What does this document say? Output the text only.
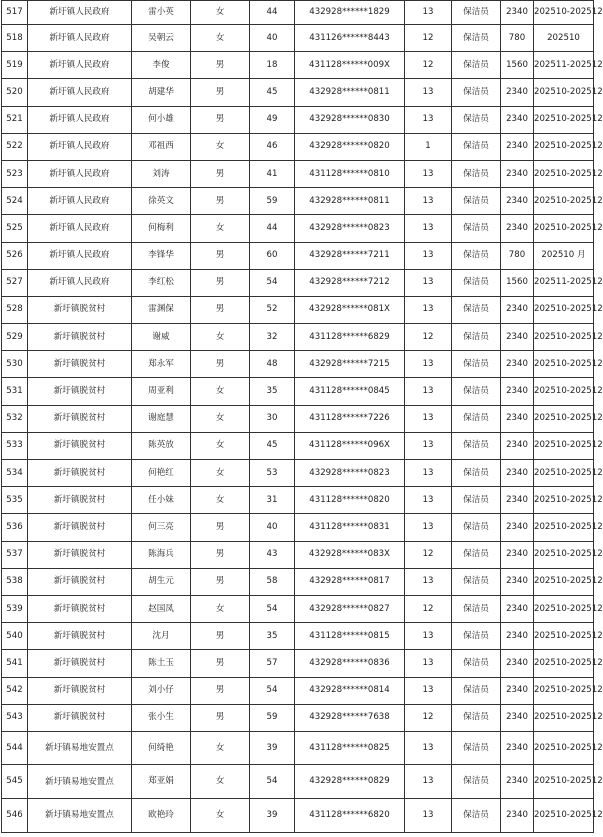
517	新圩镇人民政府	雷小英	女	44	432928******1829	13	保洁员	2340	202510-202512
518	新圩镇人民政府	吴朝云	女	40	431126******8443	12	保洁员	780	202510
519	新圩镇人民政府	李俊	男	18	431128******009X	12	保洁员	1560	202511-202512
520	新圩镇人民政府	胡建华	男	45	432928******0811	13	保洁员	2340	202510-202512
521	新圩镇人民政府	何小雄	男	49	432928******0830	13	保洁员	2340	202510-202512
522	新圩镇人民政府	邓祖西	女	46	432928******0820	1	保洁员	2340	202510-202512
523	新圩镇人民政府	刘涛	男	41	431128******0810	13	保洁员	2340	202510-202512
524	新圩镇人民政府	徐英文	男	59	432928******0811	13	保洁员	2340	202510-202512
525	新圩镇人民政府	何梅利	女	44	432928******0823	13	保洁员	2340	202510-202512
526	新圩镇人民政府	李锋华	男	60	432928******7211	13	保洁员	780	202510 月
527	新圩镇人民政府	李红松	男	54	432928******7212	13	保洁员	1560	202511-202512
528	新圩镇脱贫村	雷渊保	男	52	432928******081X	13	保洁员	2340	202510-202512
529	新圩镇脱贫村	谢威	女	32	431128******6829	12	保洁员	2340	202510-202512
530	新圩镇脱贫村	郑永军	男	48	432928******7215	13	保洁员	2340	202510-202512
531	新圩镇脱贫村	周亚利	女	35	431128******0845	13	保洁员	2340	202510-202512
532	新圩镇脱贫村	谢庭慧	女	30	431128******7226	13	保洁员	2340	202510-202512
533	新圩镇脱贫村	陈英放	女	45	431128******096X	13	保洁员	2340	202510-202512
534	新圩镇脱贫村	何艳红	女	53	432928******0823	13	保洁员	2340	202510-202512
535	新圩镇脱贫村	任小妹	女	31	431128******0820	13	保洁员	2340	202510-202512
536	新圩镇脱贫村	何三亮	男	40	431128******0831	13	保洁员	2340	202510-202512
537	新圩镇脱贫村	陈海兵	男	43	432928******083X	12	保洁员	2340	202510-202512
538	新圩镇脱贫村	胡生元	男	58	432928******0817	13	保洁员	2340	202510-202512
539	新圩镇脱贫村	赵国凤	女	54	432928******0827	12	保洁员	2340	202510-202512
540	新圩镇脱贫村	沈月	男	35	431128******0815	13	保洁员	2340	202510-202512
541	新圩镇脱贫村	陈土玉	男	57	432928******0836	13	保洁员	2340	202510-202512
542	新圩镇脱贫村	刘小仔	男	54	432928******0814	13	保洁员	2340	202510-202512
543	新圩镇脱贫村	张小生	男	59	432928******7638	12	保洁员	2340	202510-202512
544	新圩镇易地安置点	何绮艳	女	39	431128******0825	13	保洁员	2340	202510-202512
545	新圩镇易地安置点	郑亚娟	女	54	432928******0829	13	保洁员	2340	202510-202512
546	新圩镇易地安置点	欧艳玲	女	39	431128******6820	13	保洁员	2340	202510-202512
